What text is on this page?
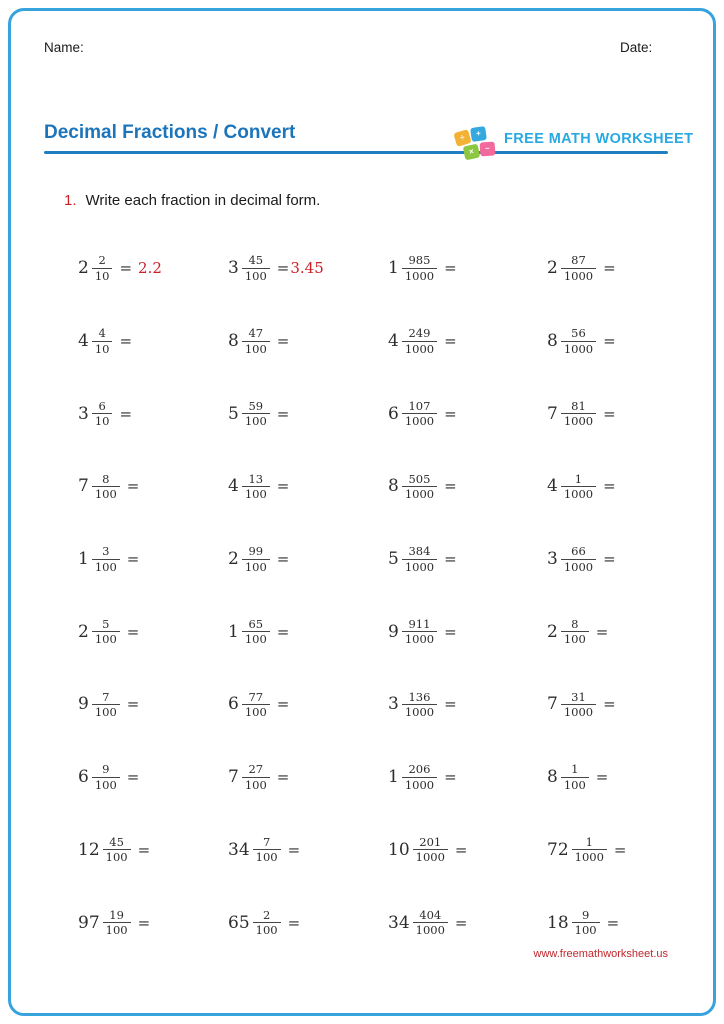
Name:	Date:
Decimal Fractions / Convert	÷	+
×	−
FREE MATH WORKSHEET
1. Write each fraction in decimal form.
$2 \frac{2}{10} = 2.2$	$3 \frac{45}{100} = 3.45$	$1 \frac{985}{1000}$ =	$2 \frac{87}{1000}$ =
$4 \frac{4}{10}$ =	$8 \frac{47}{100}$ =	$4 \frac{249}{1000}$ =	$8 \frac{56}{1000}$ =
$3 \frac{6}{10}$ =	$5 \frac{59}{100}$ =	$6 \frac{107}{1000}$ =	$7 \frac{81}{1000}$ =
$7 \frac{8}{100}$ =	$4 \frac{13}{100}$ =	$8 \frac{505}{1000}$ =	$4 \frac{1}{1000}$ =
$1 \frac{3}{100}$ =	$2 \frac{99}{100}$ =	$5 \frac{384}{1000}$ =	$3 \frac{66}{1000}$ =
$2 \frac{5}{100}$ =	$1 \frac{65}{100}$ =	$9 \frac{911}{1000}$ =	$2 \frac{8}{100}$ =
$9 \frac{7}{100}$ =	$6 \frac{77}{100}$ =	$3 \frac{136}{1000}$ =	$7 \frac{31}{1000}$ =
$6 \frac{9}{100}$ =	$7 \frac{27}{100}$ =	$1 \frac{206}{1000}$ =	$8 \frac{1}{100}$ =
$12 \frac{45}{100}$ =	$34 \frac{7}{100}$ =	$10 \frac{201}{1000}$ =	$72 \frac{1}{1000}$ =
$97 \frac{19}{100}$ =	$65 \frac{2}{100}$ =	$34 \frac{404}{1000}$ =	$18 \frac{9}{100}$ =
www.freemathworksheet.us
